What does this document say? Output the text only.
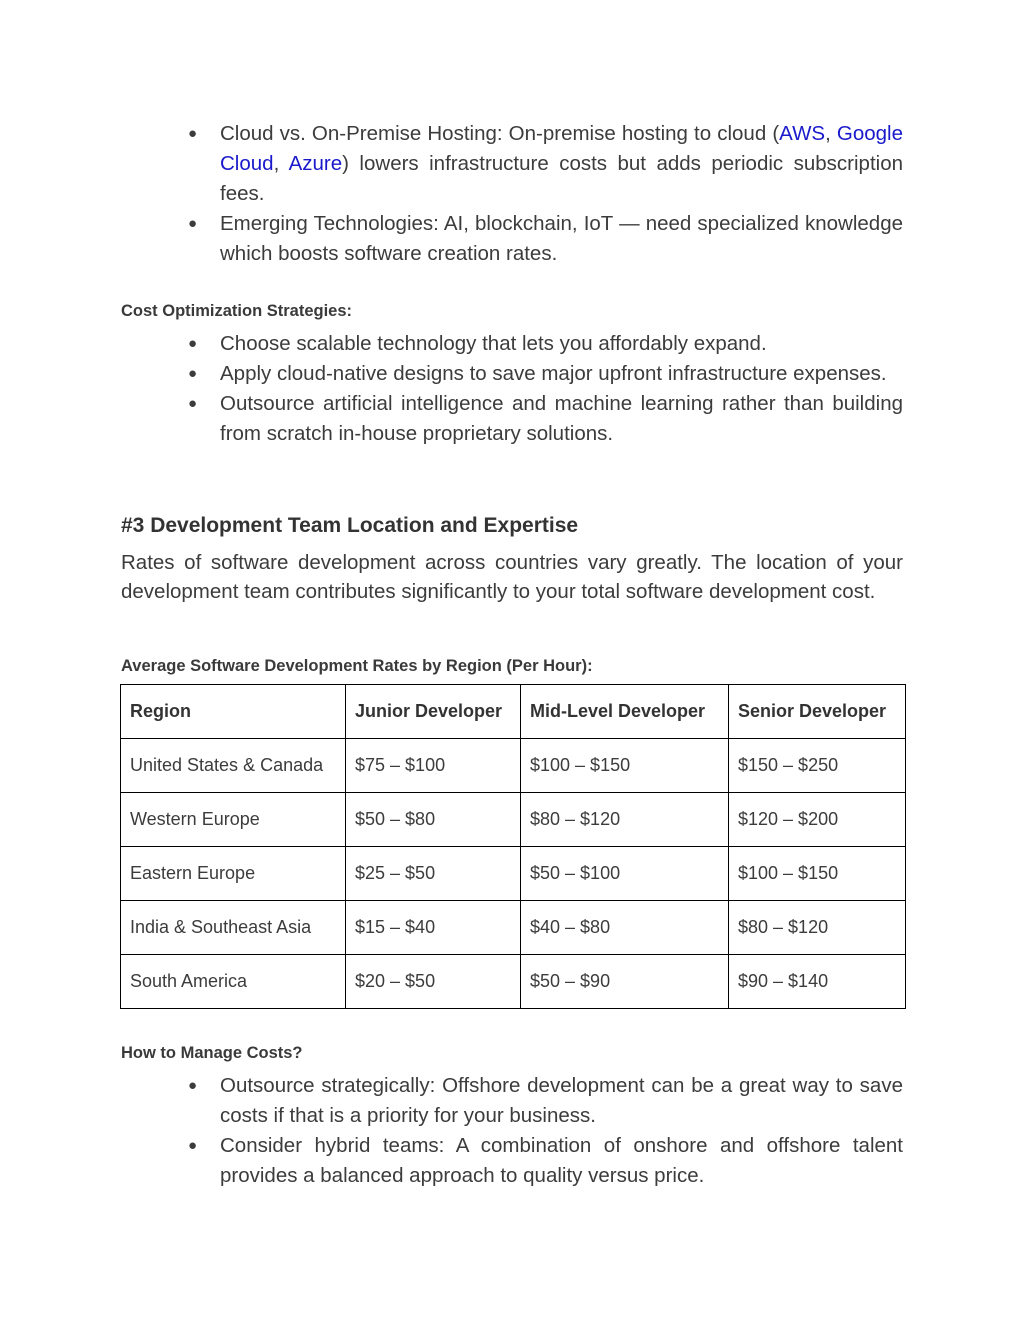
●	Cloud vs. On-Premise Hosting: On-premise hosting to cloud (AWS, Google Cloud, Azure) lowers infrastructure costs but adds periodic subscription fees.
●	Emerging Technologies: AI, blockchain, IoT — need specialized knowledge which boosts software creation rates.
Cost Optimization Strategies:
●	Choose scalable technology that lets you affordably expand.
●	Apply cloud-native designs to save major upfront infrastructure expenses.
●	Outsource artificial intelligence and machine learning rather than building from scratch in-house proprietary solutions.
#3 Development Team Location and Expertise

Rates of software development across countries vary greatly. The location of your development team contributes significantly to your total software development cost.

Average Software Development Rates by Region (Per Hour):
Region	Junior Developer	Mid-Level Developer	Senior Developer
United States & Canada	$75 – $100	$100 – $150	$150 – $250
Western Europe	$50 – $80	$80 – $120	$120 – $200
Eastern Europe	$25 – $50	$50 – $100	$100 – $150
India & Southeast Asia	$15 – $40	$40 – $80	$80 – $120
South America	$20 – $50	$50 – $90	$90 – $140
How to Manage Costs?
●	Outsource strategically: Offshore development can be a great way to save costs if that is a priority for your business.
●	Consider hybrid teams: A combination of onshore and offshore talent provides a balanced approach to quality versus price.
